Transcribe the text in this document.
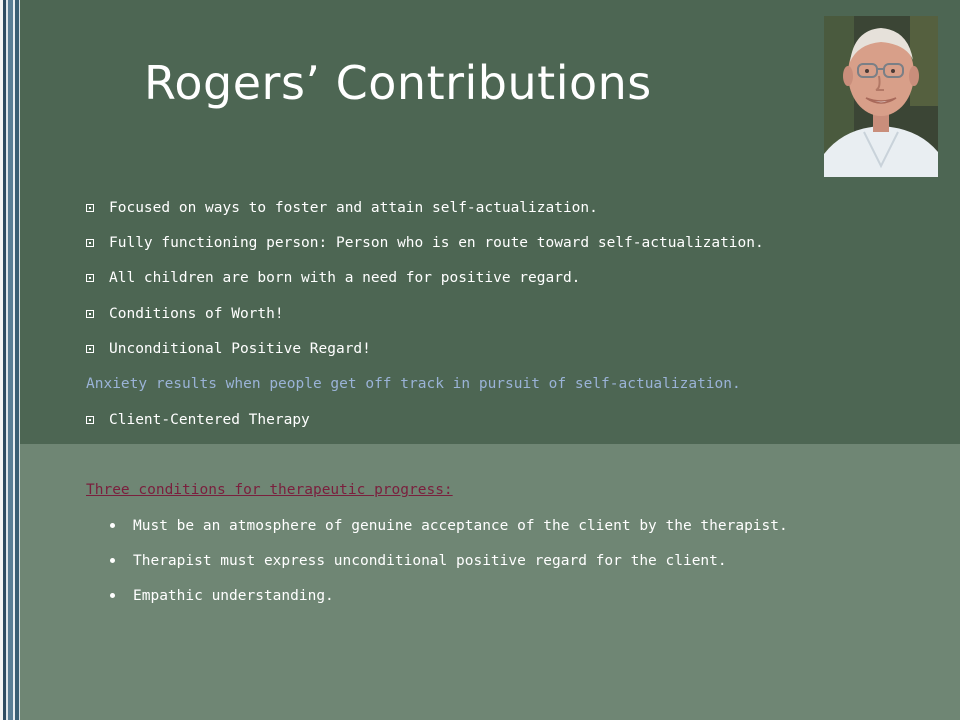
Rogers’ Contributions
Focused on ways to foster and attain self-actualization.
Fully functioning person: Person who is en route toward self-actualization.
All children are born with a need for positive regard.
Conditions of Worth!
Unconditional Positive Regard!
Anxiety results when people get off track in pursuit of self-actualization.
Client-Centered Therapy
Three conditions for therapeutic progress:
Must be an atmosphere of genuine acceptance of the client by the therapist.
Therapist must express unconditional positive regard for the client.
Empathic understanding.
